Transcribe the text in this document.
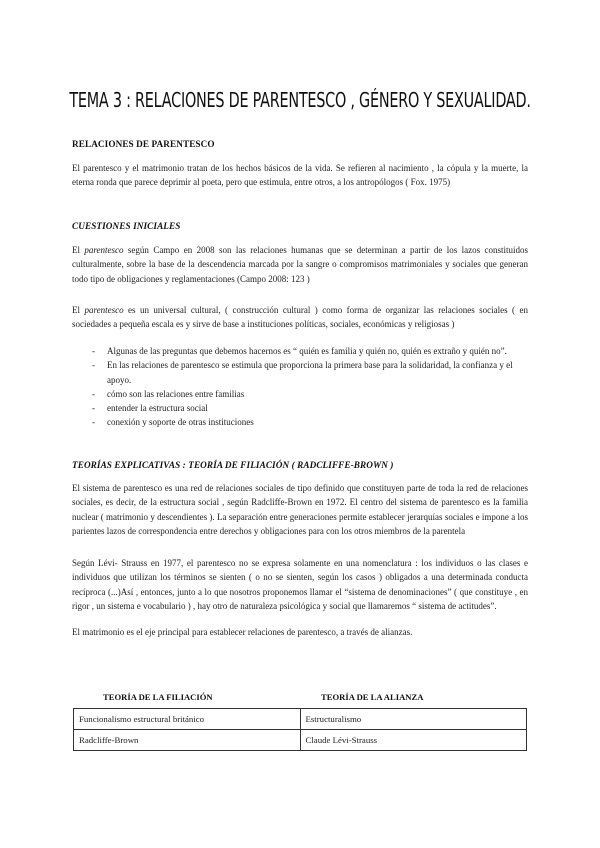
TEMA 3 : RELACIONES DE PARENTESCO , GÉNERO Y SEXUALIDAD.
RELACIONES DE PARENTESCO
El parentesco y el matrimonio tratan de los hechos básicos de la vida. Se refieren al nacimiento , la cópula y la muerte, la eterna ronda que parece deprimir al poeta, pero que estimula, entre otros, a los antropólogos ( Fox. 1975)
CUESTIONES INICIALES
El parentesco según Campo en 2008 son las relaciones humanas que se determinan a partir de los lazos constituidos culturalmente, sobre la base de la descendencia marcada por la sangre o compromisos matrimoniales y sociales que generan todo tipo de obligaciones y reglamentaciones (Campo 2008: 123 )
El parentesco es un universal cultural, ( construcción cultural ) como forma de organizar las relaciones sociales ( en sociedades a pequeña escala es y sirve de base a instituciones políticas, sociales, económicas y religiosas )
- Algunas de las preguntas que debemos hacernos es “ quién es familia y quién no, quién es extraño y quién no”.
- En las relaciones de parentesco se estimula que proporciona la primera base para la solidaridad, la confianza y el apoyo.
- cómo son las relaciones entre familias
- entender la estructura social
- conexión y soporte de otras instituciones
TEORÍAS EXPLICATIVAS : TEORÍA DE FILIACIÓN ( RADCLIFFE-BROWN )
El sistema de parentesco es una red de relaciones sociales de tipo definido que constituyen parte de toda la red de relaciones sociales, es decir, de la estructura social , según Radcliffe-Brown en 1972. El centro del sistema de parentesco es la familia nuclear ( matrimonio y descendientes ). La separación entre generaciones permite establecer jerarquías sociales e impone a los parientes lazos de correspondencia entre derechos y obligaciones para con los otros miembros de la parentela
Según Lévi- Strauss en 1977, el parentesco no se expresa solamente en una nomenclatura : los individuos o las clases e individuos que utilizan los términos se sienten ( o no se sienten, según los casos ) obligados a una determinada conducta recíproca (...)Así , entonces, junto a lo que nosotros proponemos llamar el “sistema de denominaciones” ( que constituye , en rigor , un sistema e vocabulario ) , hay otro de naturaleza psicológica y social que llamaremos “ sistema de actitudes”.
El matrimonio es el eje principal para establecer relaciones de parentesco, a través de alianzas.
TEORÍA DE LA FILIACIÓN	TEORÍA DE LA ALIANZA
Funcionalismo estructural británico	Estructuralismo
Radcliffe-Brown	Claude Lévi-Strauss
